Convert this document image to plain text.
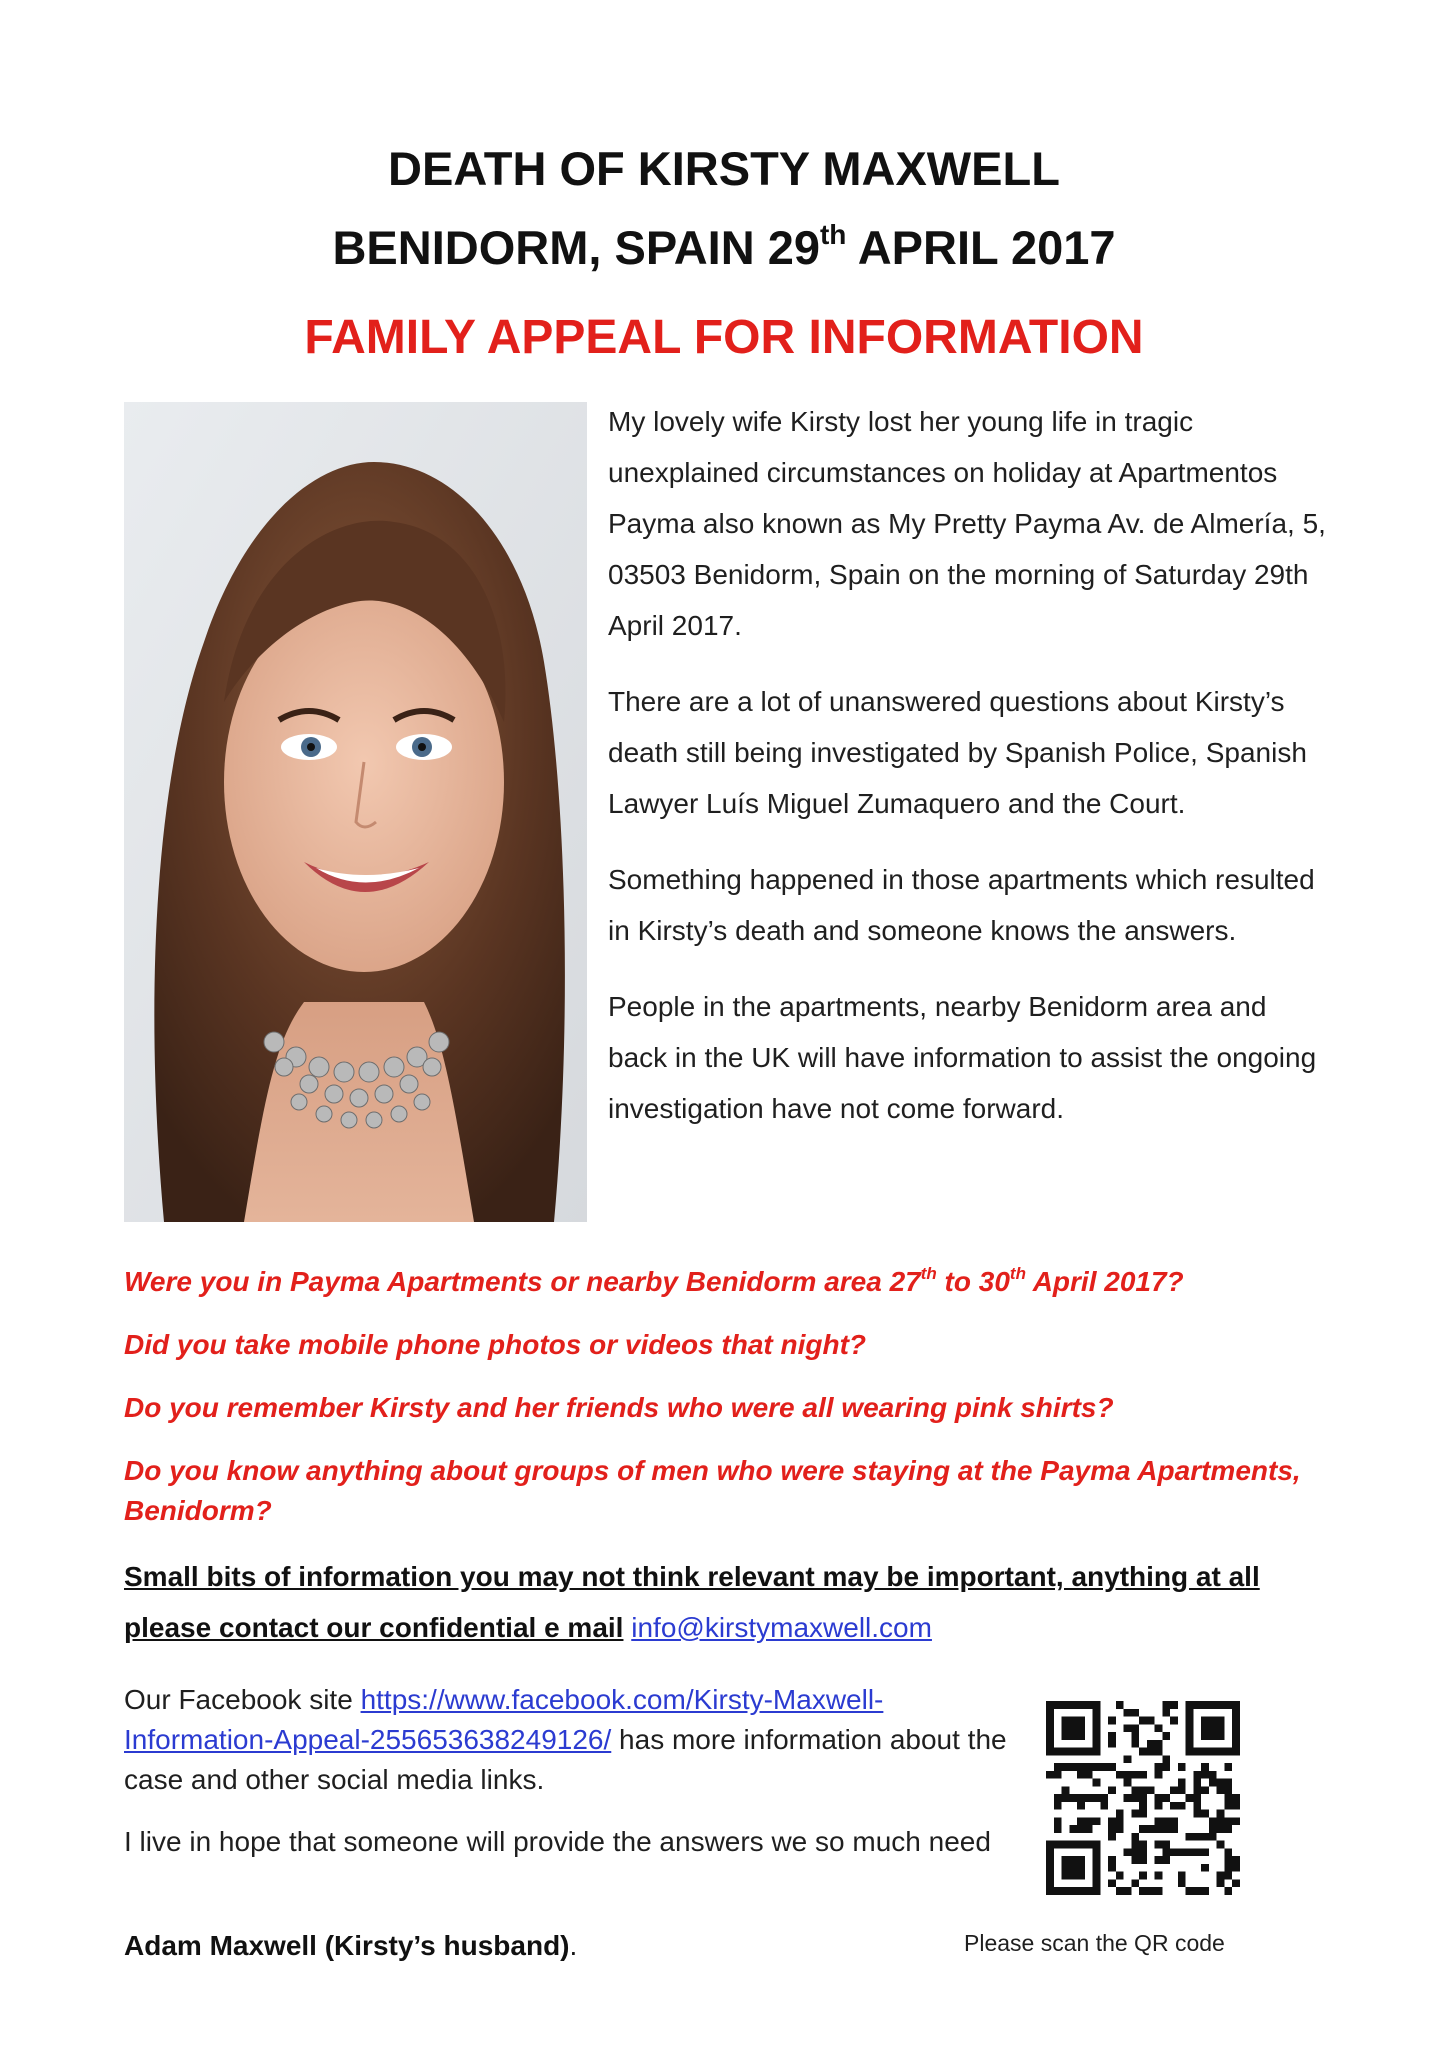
DEATH OF KIRSTY MAXWELL
BENIDORM, SPAIN 29th APRIL 2017
FAMILY APPEAL FOR INFORMATION

My lovely wife Kirsty lost her young life in tragic unexplained circumstances on holiday at Apartmentos Payma also known as My Pretty Payma Av. de Almería, 5, 03503 Benidorm, Spain on the morning of Saturday 29th April 2017.

There are a lot of unanswered questions about Kirsty’s death still being investigated by Spanish Police, Spanish Lawyer Luís Miguel Zumaquero and the Court.

Something happened in those apartments which resulted in Kirsty’s death and someone knows the answers.

People in the apartments, nearby Benidorm area and back in the UK will have information to assist the ongoing investigation have not come forward.

Were you in Payma Apartments or nearby Benidorm area 27th to 30th April 2017?

Did you take mobile phone photos or videos that night?

Do you remember Kirsty and her friends who were all wearing pink shirts?

Do you know anything about groups of men who were staying at the Payma Apartments, Benidorm?

Small bits of information you may not think relevant may be important, anything at all please contact our confidential e mail info@kirstymaxwell.com

Our Facebook site https://www.facebook.com/Kirsty-Maxwell-Information-Appeal-255653638249126/ has more information about the case and other social media links.

I live in hope that someone will provide the answers we so much need

Adam Maxwell (Kirsty’s husband).	Please scan the QR code
